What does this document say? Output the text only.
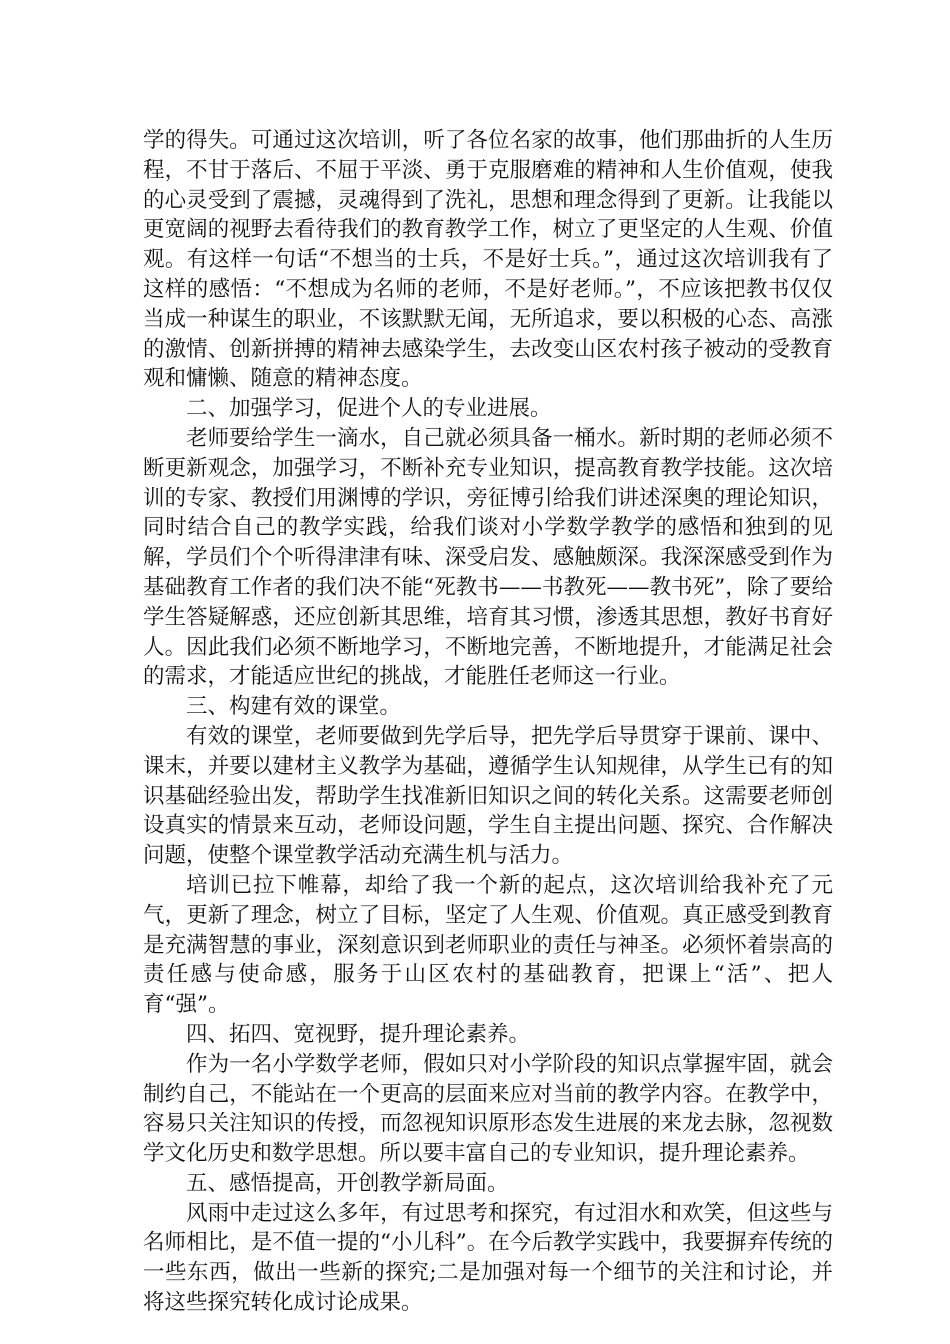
学的得失。可通过这次培训，听了各位名家的故事，他们那曲折的人生历程，不甘于落后、不屈于平淡、勇于克服磨难的精神和人生价值观，使我的心灵受到了震撼，灵魂得到了洗礼，思想和理念得到了更新。让我能以更宽阔的视野去看待我们的教育教学工作，树立了更坚定的人生观、价值观。有这样一句话“不想当的士兵，不是好士兵。”，通过这次培训我有了这样的感悟：“不想成为名师的老师，不是好老师。”，不应该把教书仅仅当成一种谋生的职业，不该默默无闻，无所追求，要以积极的心态、高涨的激情、创新拼搏的精神去感染学生，去改变山区农村孩子被动的受教育观和慵懒、随意的精神态度。

二、加强学习，促进个人的专业进展。

老师要给学生一滴水，自己就必须具备一桶水。新时期的老师必须不断更新观念，加强学习，不断补充专业知识，提高教育教学技能。这次培训的专家、教授们用渊博的学识，旁征博引给我们讲述深奥的理论知识，同时结合自己的教学实践，给我们谈对小学数学教学的感悟和独到的见解，学员们个个听得津津有味、深受启发、感触颇深。我深深感受到作为基础教育工作者的我们决不能“死教书——书教死——教书死”，除了要给学生答疑解惑，还应创新其思维，培育其习惯，渗透其思想，教好书育好人。因此我们必须不断地学习，不断地完善，不断地提升，才能满足社会的需求，才能适应世纪的挑战，才能胜任老师这一行业。

三、构建有效的课堂。

有效的课堂，老师要做到先学后导，把先学后导贯穿于课前、课中、课末，并要以建材主义教学为基础，遵循学生认知规律，从学生已有的知识基础经验出发，帮助学生找准新旧知识之间的转化关系。这需要老师创设真实的情景来互动，老师设问题，学生自主提出问题、探究、合作解决问题，使整个课堂教学活动充满生机与活力。

培训已拉下帷幕，却给了我一个新的起点，这次培训给我补充了元气，更新了理念，树立了目标，坚定了人生观、价值观。真正感受到教育是充满智慧的事业，深刻意识到老师职业的责任与神圣。必须怀着崇高的责任感与使命感，服务于山区农村的基础教育，把课上“活”、把人育“强”。

四、拓四、宽视野，提升理论素养。

作为一名小学数学老师，假如只对小学阶段的知识点掌握牢固，就会制约自己，不能站在一个更高的层面来应对当前的教学内容。在教学中，容易只关注知识的传授，而忽视知识原形态发生进展的来龙去脉，忽视数学文化历史和数学思想。所以要丰富自己的专业知识，提升理论素养。

五、感悟提高，开创教学新局面。

风雨中走过这么多年，有过思考和探究，有过泪水和欢笑，但这些与名师相比，是不值一提的“小儿科”。在今后教学实践中，我要摒弃传统的一些东西，做出一些新的探究;二是加强对每一个细节的关注和讨论，并将这些探究转化成讨论成果。
